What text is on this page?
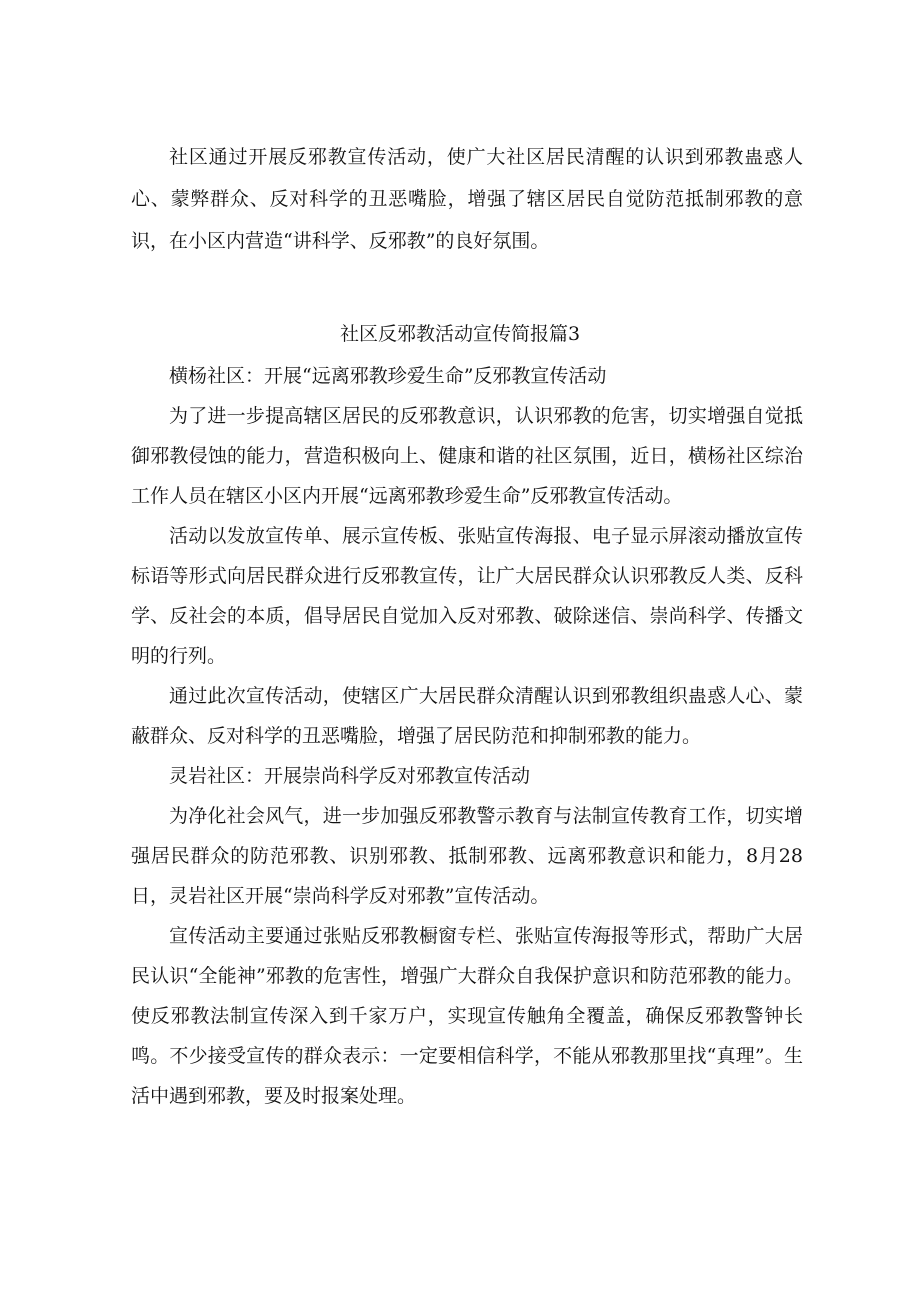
社区通过开展反邪教宣传活动，使广大社区居民清醒的认识到邪教蛊惑人心、蒙弊群众、反对科学的丑恶嘴脸，增强了辖区居民自觉防范抵制邪教的意识，在小区内营造“讲科学、反邪教”的良好氛围。

社区反邪教活动宣传简报篇3

横杨社区：开展“远离邪教珍爱生命”反邪教宣传活动

为了进一步提高辖区居民的反邪教意识，认识邪教的危害，切实增强自觉抵御邪教侵蚀的能力，营造积极向上、健康和谐的社区氛围，近日，横杨社区综治工作人员在辖区小区内开展“远离邪教珍爱生命”反邪教宣传活动。

活动以发放宣传单、展示宣传板、张贴宣传海报、电子显示屏滚动播放宣传标语等形式向居民群众进行反邪教宣传，让广大居民群众认识邪教反人类、反科学、反社会的本质，倡导居民自觉加入反对邪教、破除迷信、崇尚科学、传播文明的行列。

通过此次宣传活动，使辖区广大居民群众清醒认识到邪教组织蛊惑人心、蒙蔽群众、反对科学的丑恶嘴脸，增强了居民防范和抑制邪教的能力。

灵岩社区：开展崇尚科学反对邪教宣传活动

为净化社会风气，进一步加强反邪教警示教育与法制宣传教育工作，切实增强居民群众的防范邪教、识别邪教、抵制邪教、远离邪教意识和能力，8月28日，灵岩社区开展“崇尚科学反对邪教”宣传活动。

宣传活动主要通过张贴反邪教橱窗专栏、张贴宣传海报等形式，帮助广大居民认识“全能神”邪教的危害性，增强广大群众自我保护意识和防范邪教的能力。使反邪教法制宣传深入到千家万户，实现宣传触角全覆盖，确保反邪教警钟长鸣。不少接受宣传的群众表示：一定要相信科学，不能从邪教那里找“真理”。生活中遇到邪教，要及时报案处理。
